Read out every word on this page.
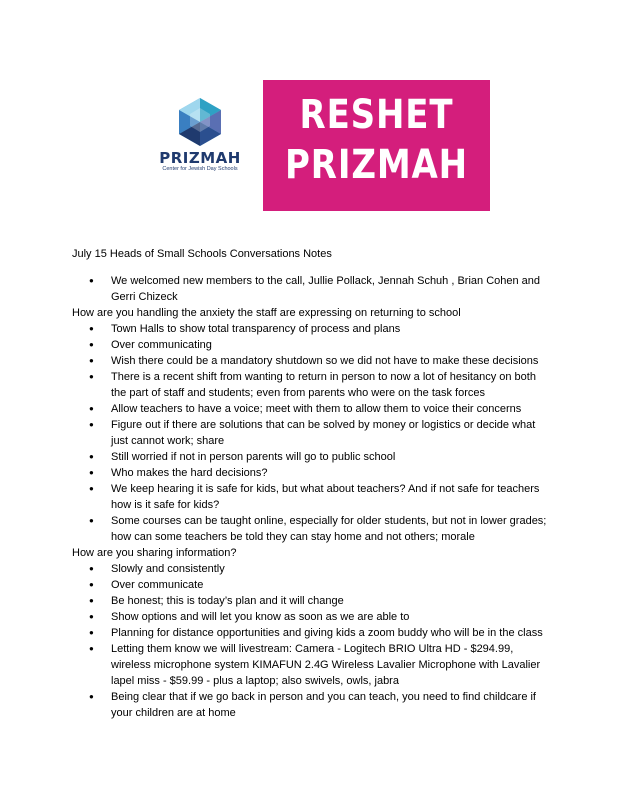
PRIZMAH
Center for Jewish Day Schools
RESHET
PRIZMAH

July 15 Heads of Small Schools Conversations Notes

● We welcomed new members to the call, Jullie Pollack, Jennah Schuh , Brian Cohen and Gerri Chizeck

How are you handling the anxiety the staff are expressing on returning to school

● Town Halls to show total transparency of process and plans
● Over communicating
● Wish there could be a mandatory shutdown so we did not have to make these decisions
● There is a recent shift from wanting to return in person to now a lot of hesitancy on both the part of staff and students; even from parents who were on the task forces
● Allow teachers to have a voice; meet with them to allow them to voice their concerns
● Figure out if there are solutions that can be solved by money or logistics or decide what just cannot work; share
● Still worried if not in person parents will go to public school
● Who makes the hard decisions?
● We keep hearing it is safe for kids, but what about teachers? And if not safe for teachers how is it safe for kids?
● Some courses can be taught online, especially for older students, but not in lower grades; how can some teachers be told they can stay home and not others; morale

How are you sharing information?

● Slowly and consistently
● Over communicate
● Be honest; this is today’s plan and it will change
● Show options and will let you know as soon as we are able to
● Planning for distance opportunities and giving kids a zoom buddy who will be in the class
● Letting them know we will livestream: Camera - Logitech BRIO Ultra HD - $294.99, wireless microphone system KIMAFUN 2.4G Wireless Lavalier Microphone with Lavalier lapel miss - $59.99 - plus a laptop; also swivels, owls, jabra
● Being clear that if we go back in person and you can teach, you need to find childcare if your children are at home
